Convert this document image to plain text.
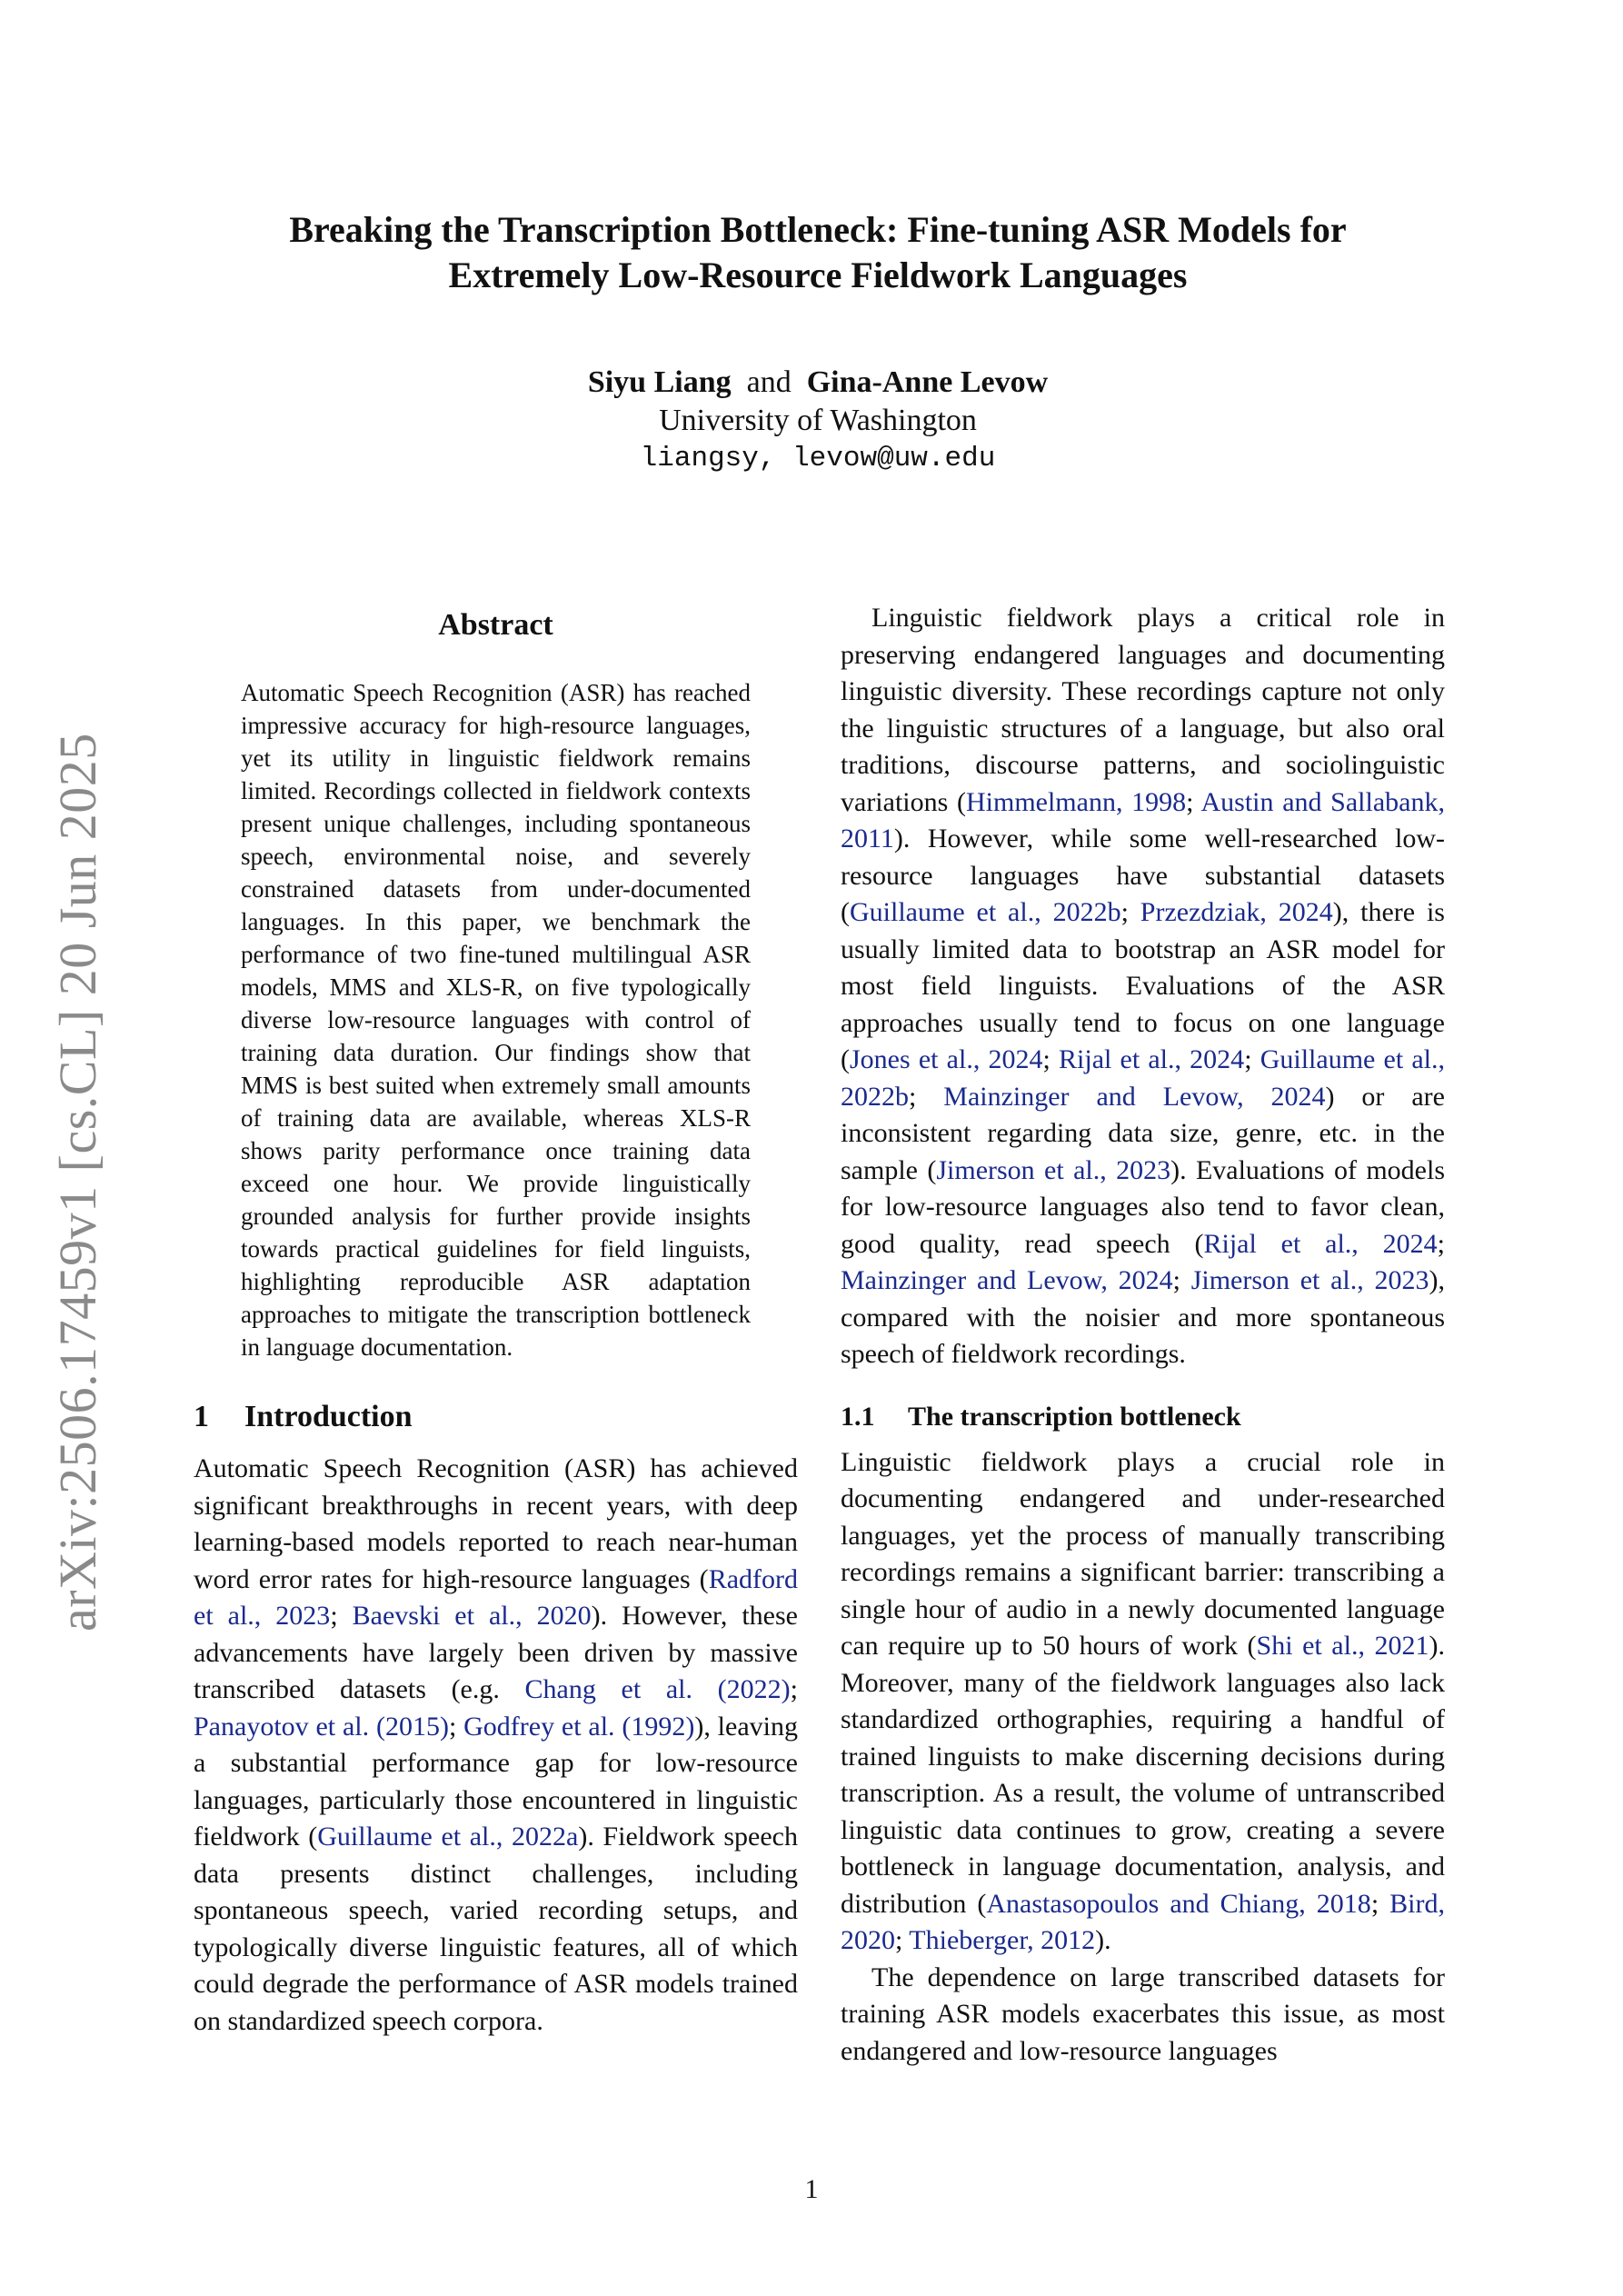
arXiv:2506.17459v1 [cs.CL] 20 Jun 2025
Breaking the Transcription Bottleneck: Fine-tuning ASR Models for
Extremely Low-Resource Fieldwork Languages
Siyu Liang and Gina-Anne Levow
University of Washington
liangsy, levow@uw.edu
Abstract

Automatic Speech Recognition (ASR) has reached impressive accuracy for high-resource languages, yet its utility in linguistic fieldwork remains limited. Recordings collected in fieldwork contexts present unique challenges, including spontaneous speech, environmental noise, and severely constrained datasets from under-documented languages. In this paper, we benchmark the performance of two fine-tuned multilingual ASR models, MMS and XLS-R, on five typologically diverse low-resource languages with control of training data duration. Our findings show that MMS is best suited when extremely small amounts of training data are available, whereas XLS-R shows parity performance once training data exceed one hour. We provide linguistically grounded analysis for further provide insights towards practical guidelines for field linguists, highlighting reproducible ASR adaptation approaches to mitigate the transcription bottleneck in language documentation.

1 Introduction

Automatic Speech Recognition (ASR) has achieved significant breakthroughs in recent years, with deep learning-based models reported to reach near-human word error rates for high-resource languages (Radford et al., 2023; Baevski et al., 2020). However, these advancements have largely been driven by massive transcribed datasets (e.g. Chang et al. (2022); Panayotov et al. (2015); Godfrey et al. (1992)), leaving a substantial performance gap for low-resource languages, particularly those encountered in linguistic fieldwork (Guillaume et al., 2022a). Fieldwork speech data presents distinct challenges, including spontaneous speech, varied recording setups, and typologically diverse linguistic features, all of which could degrade the performance of ASR models trained on standardized speech corpora.

Linguistic fieldwork plays a critical role in preserving endangered languages and documenting linguistic diversity. These recordings capture not only the linguistic structures of a language, but also oral traditions, discourse patterns, and sociolinguistic variations (Himmelmann, 1998; Austin and Sallabank, 2011). However, while some well-researched low-resource languages have substantial datasets (Guillaume et al., 2022b; Przezdziak, 2024), there is usually limited data to bootstrap an ASR model for most field linguists. Evaluations of the ASR approaches usually tend to focus on one language (Jones et al., 2024; Rijal et al., 2024; Guillaume et al., 2022b; Mainzinger and Levow, 2024) or are inconsistent regarding data size, genre, etc. in the sample (Jimerson et al., 2023). Evaluations of models for low-resource languages also tend to favor clean, good quality, read speech (Rijal et al., 2024; Mainzinger and Levow, 2024; Jimerson et al., 2023), compared with the noisier and more spontaneous speech of fieldwork recordings.

1.1 The transcription bottleneck

Linguistic fieldwork plays a crucial role in documenting endangered and under-researched languages, yet the process of manually transcribing recordings remains a significant barrier: transcribing a single hour of audio in a newly documented language can require up to 50 hours of work (Shi et al., 2021). Moreover, many of the fieldwork languages also lack standardized orthographies, requiring a handful of trained linguists to make discerning decisions during transcription. As a result, the volume of untranscribed linguistic data continues to grow, creating a severe bottleneck in language documentation, analysis, and distribution (Anastasopoulos and Chiang, 2018; Bird, 2020; Thieberger, 2012).

The dependence on large transcribed datasets for training ASR models exacerbates this issue, as most endangered and low-resource languages

1
